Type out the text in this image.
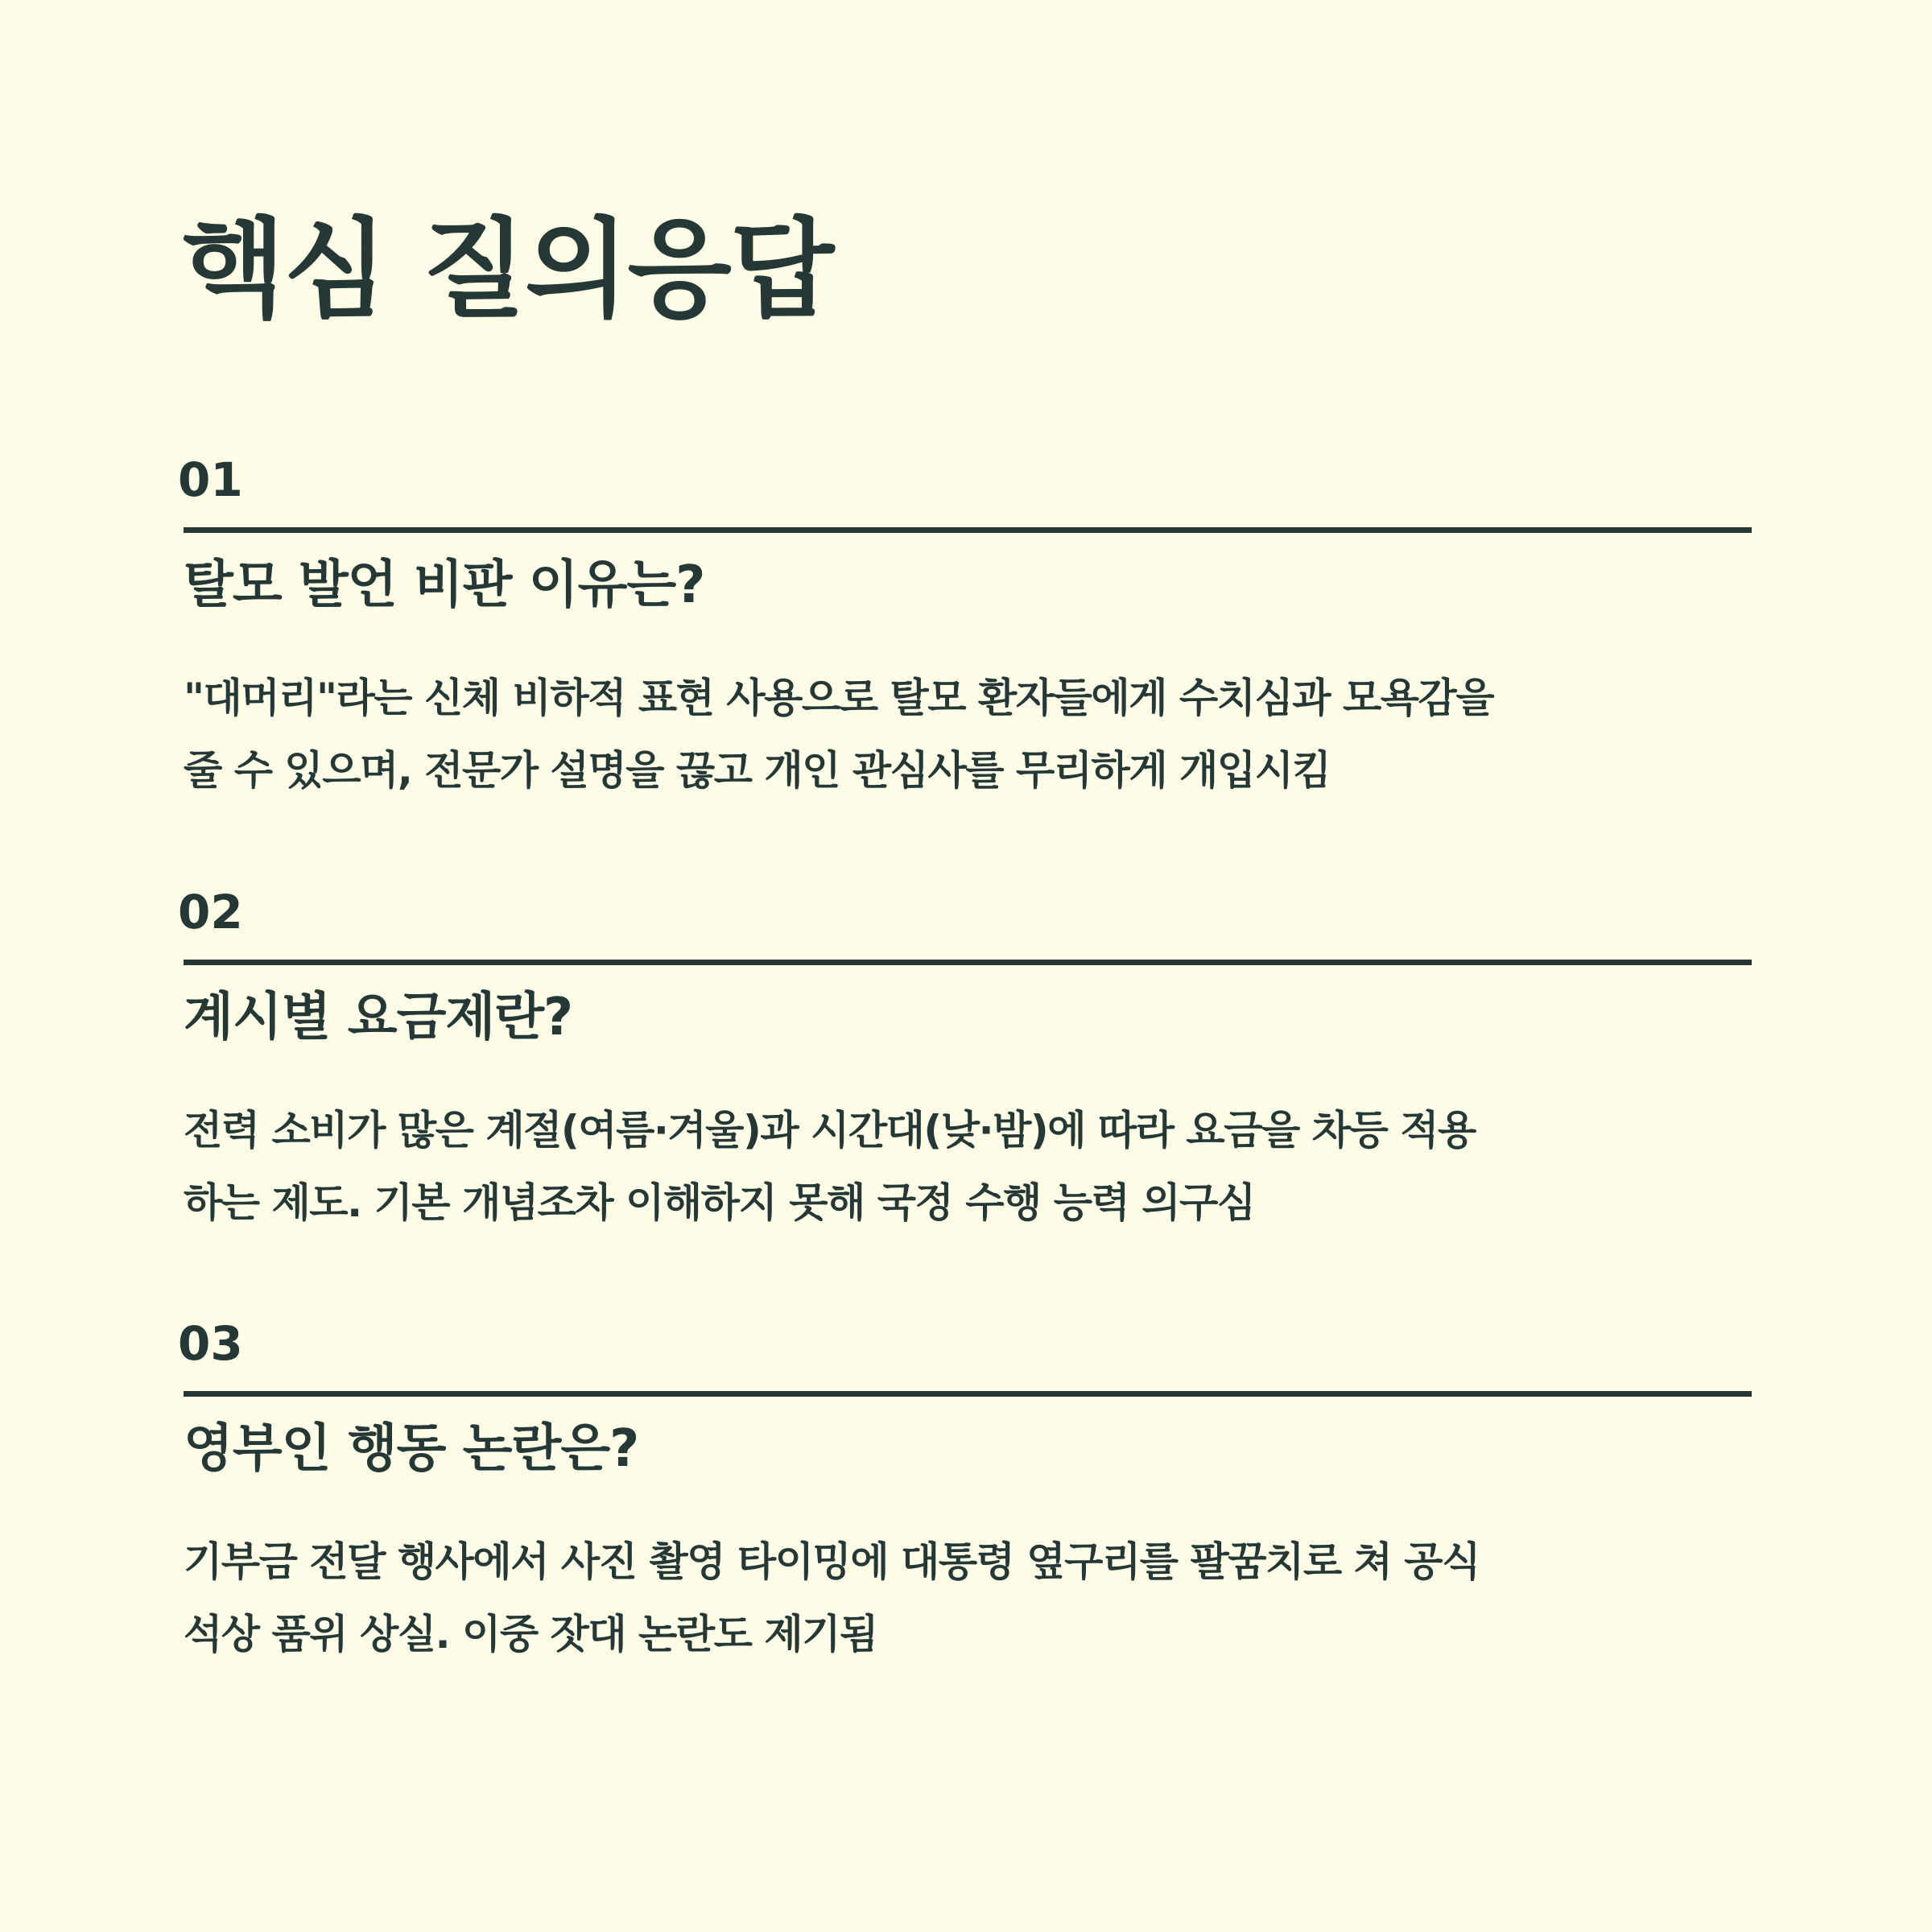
핵심 질의응답
01
탈모 발언 비판 이유는?

"대머리"라는 신체 비하적 표현 사용으로 탈모 환자들에게 수치심과 모욕감을
줄 수 있으며, 전문가 설명을 끊고 개인 관심사를 무리하게 개입시킴

02
계시별 요금제란?

전력 소비가 많은 계절(여름·겨울)과 시간대(낮·밤)에 따라 요금을 차등 적용
하는 제도. 기본 개념조차 이해하지 못해 국정 수행 능력 의구심

03
영부인 행동 논란은?

기부금 전달 행사에서 사진 촬영 타이밍에 대통령 옆구리를 팔꿈치로 쳐 공식
석상 품위 상실. 이중 잣대 논란도 제기됨
